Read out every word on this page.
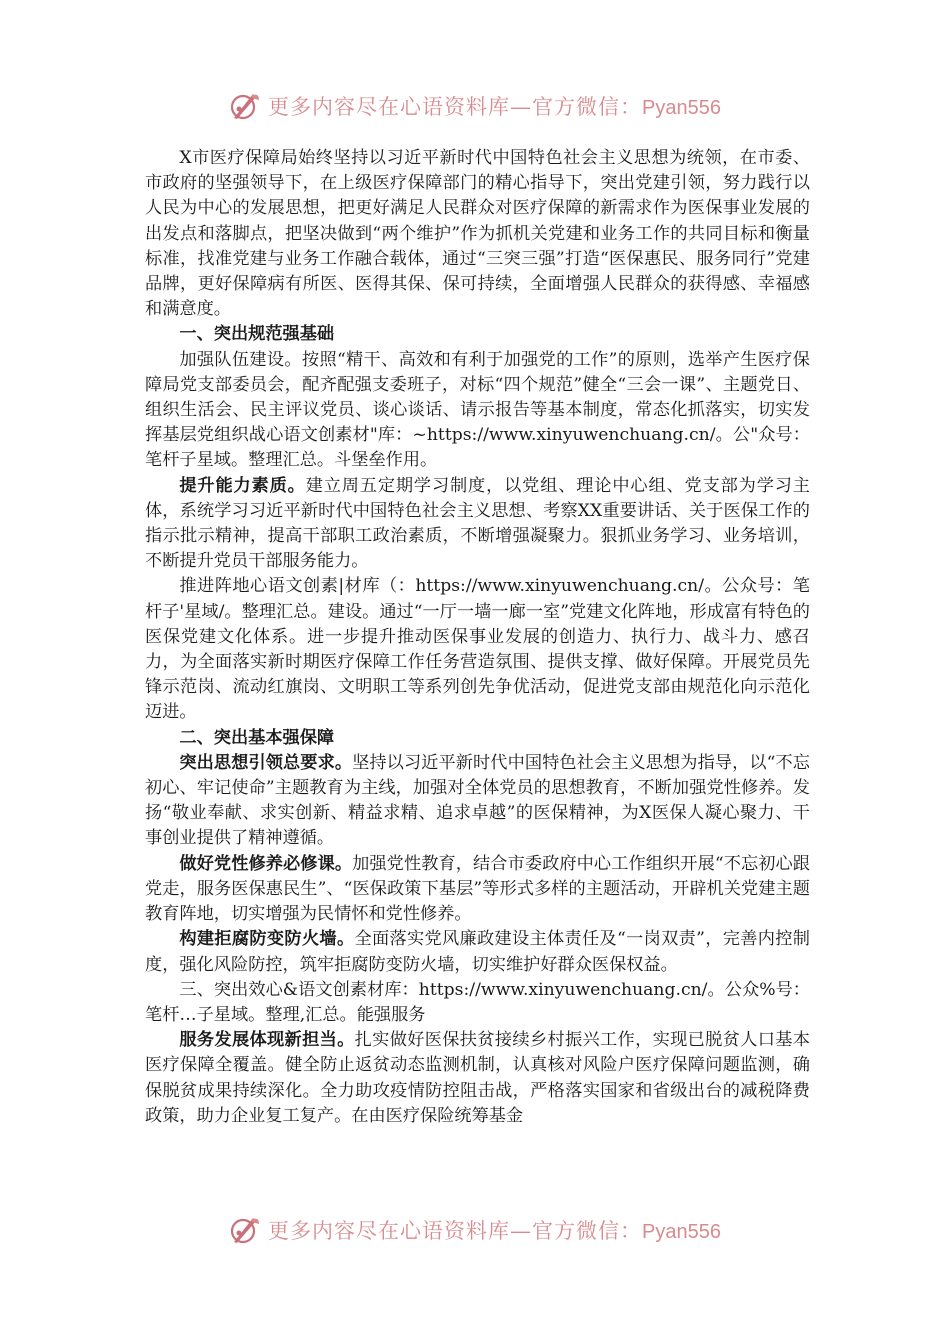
更多内容尽在心语资料库—官方微信：Pyan556

X市医疗保障局始终坚持以习近平新时代中国特色社会主义思想为统领，在市委、市政府的坚强领导下，在上级医疗保障部门的精心指导下，突出党建引领，努力践行以人民为中心的发展思想，把更好满足人民群众对医疗保障的新需求作为医保事业发展的出发点和落脚点，把坚决做到“两个维护”作为抓机关党建和业务工作的共同目标和衡量标准，找准党建与业务工作融合载体，通过“三突三强”打造“医保惠民、服务同行”党建品牌，更好保障病有所医、医得其保、保可持续，全面增强人民群众的获得感、幸福感和满意度。

一、突出规范强基础

加强队伍建设。按照“精干、高效和有利于加强党的工作”的原则，选举产生医疗保障局党支部委员会，配齐配强支委班子，对标“四个规范”健全“三会一课”、主题党日、组织生活会、民主评议党员、谈心谈话、请示报告等基本制度，常态化抓落实，切实发挥基层党组织战心语文创素材"库：~https://www.xinyuwenchuang.cn/。公"众号：笔杆子星域。整理汇总。斗堡垒作用。

提升能力素质。建立周五定期学习制度，以党组、理论中心组、党支部为学习主体，系统学习习近平新时代中国特色社会主义思想、考察XX重要讲话、关于医保工作的指示批示精神，提高干部职工政治素质，不断增强凝聚力。狠抓业务学习、业务培训，不断提升党员干部服务能力。

推进阵地心语文创素|材库（：https://www.xinyuwenchuang.cn/。公众号：笔杆子'星域/。整理汇总。建设。通过“一厅一墙一廊一室”党建文化阵地，形成富有特色的医保党建文化体系。进一步提升推动医保事业发展的创造力、执行力、战斗力、感召力，为全面落实新时期医疗保障工作任务营造氛围、提供支撑、做好保障。开展党员先锋示范岗、流动红旗岗、文明职工等系列创先争优活动，促进党支部由规范化向示范化迈进。

二、突出基本强保障

突出思想引领总要求。坚持以习近平新时代中国特色社会主义思想为指导，以“不忘初心、牢记使命”主题教育为主线，加强对全体党员的思想教育，不断加强党性修养。发扬“敬业奉献、求实创新、精益求精、追求卓越”的医保精神，为X医保人凝心聚力、干事创业提供了精神遵循。

做好党性修养必修课。加强党性教育，结合市委政府中心工作组织开展“不忘初心跟党走，服务医保惠民生”、“医保政策下基层”等形式多样的主题活动，开辟机关党建主题教育阵地，切实增强为民情怀和党性修养。

构建拒腐防变防火墙。全面落实党风廉政建设主体责任及“一岗双责”，完善内控制度，强化风险防控，筑牢拒腐防变防火墙，切实维护好群众医保权益。

三、突出效心&语文创素材库：https://www.xinyuwenchuang.cn/。公众%号：笔杆…子星域。整理,汇总。能强服务

服务发展体现新担当。扎实做好医保扶贫接续乡村振兴工作，实现已脱贫人口基本医疗保障全覆盖。健全防止返贫动态监测机制，认真核对风险户医疗保障问题监测，确保脱贫成果持续深化。全力助攻疫情防控阻击战，严格落实国家和省级出台的减税降费政策，助力企业复工复产。在由医疗保险统筹基金

更多内容尽在心语资料库—官方微信：Pyan556
